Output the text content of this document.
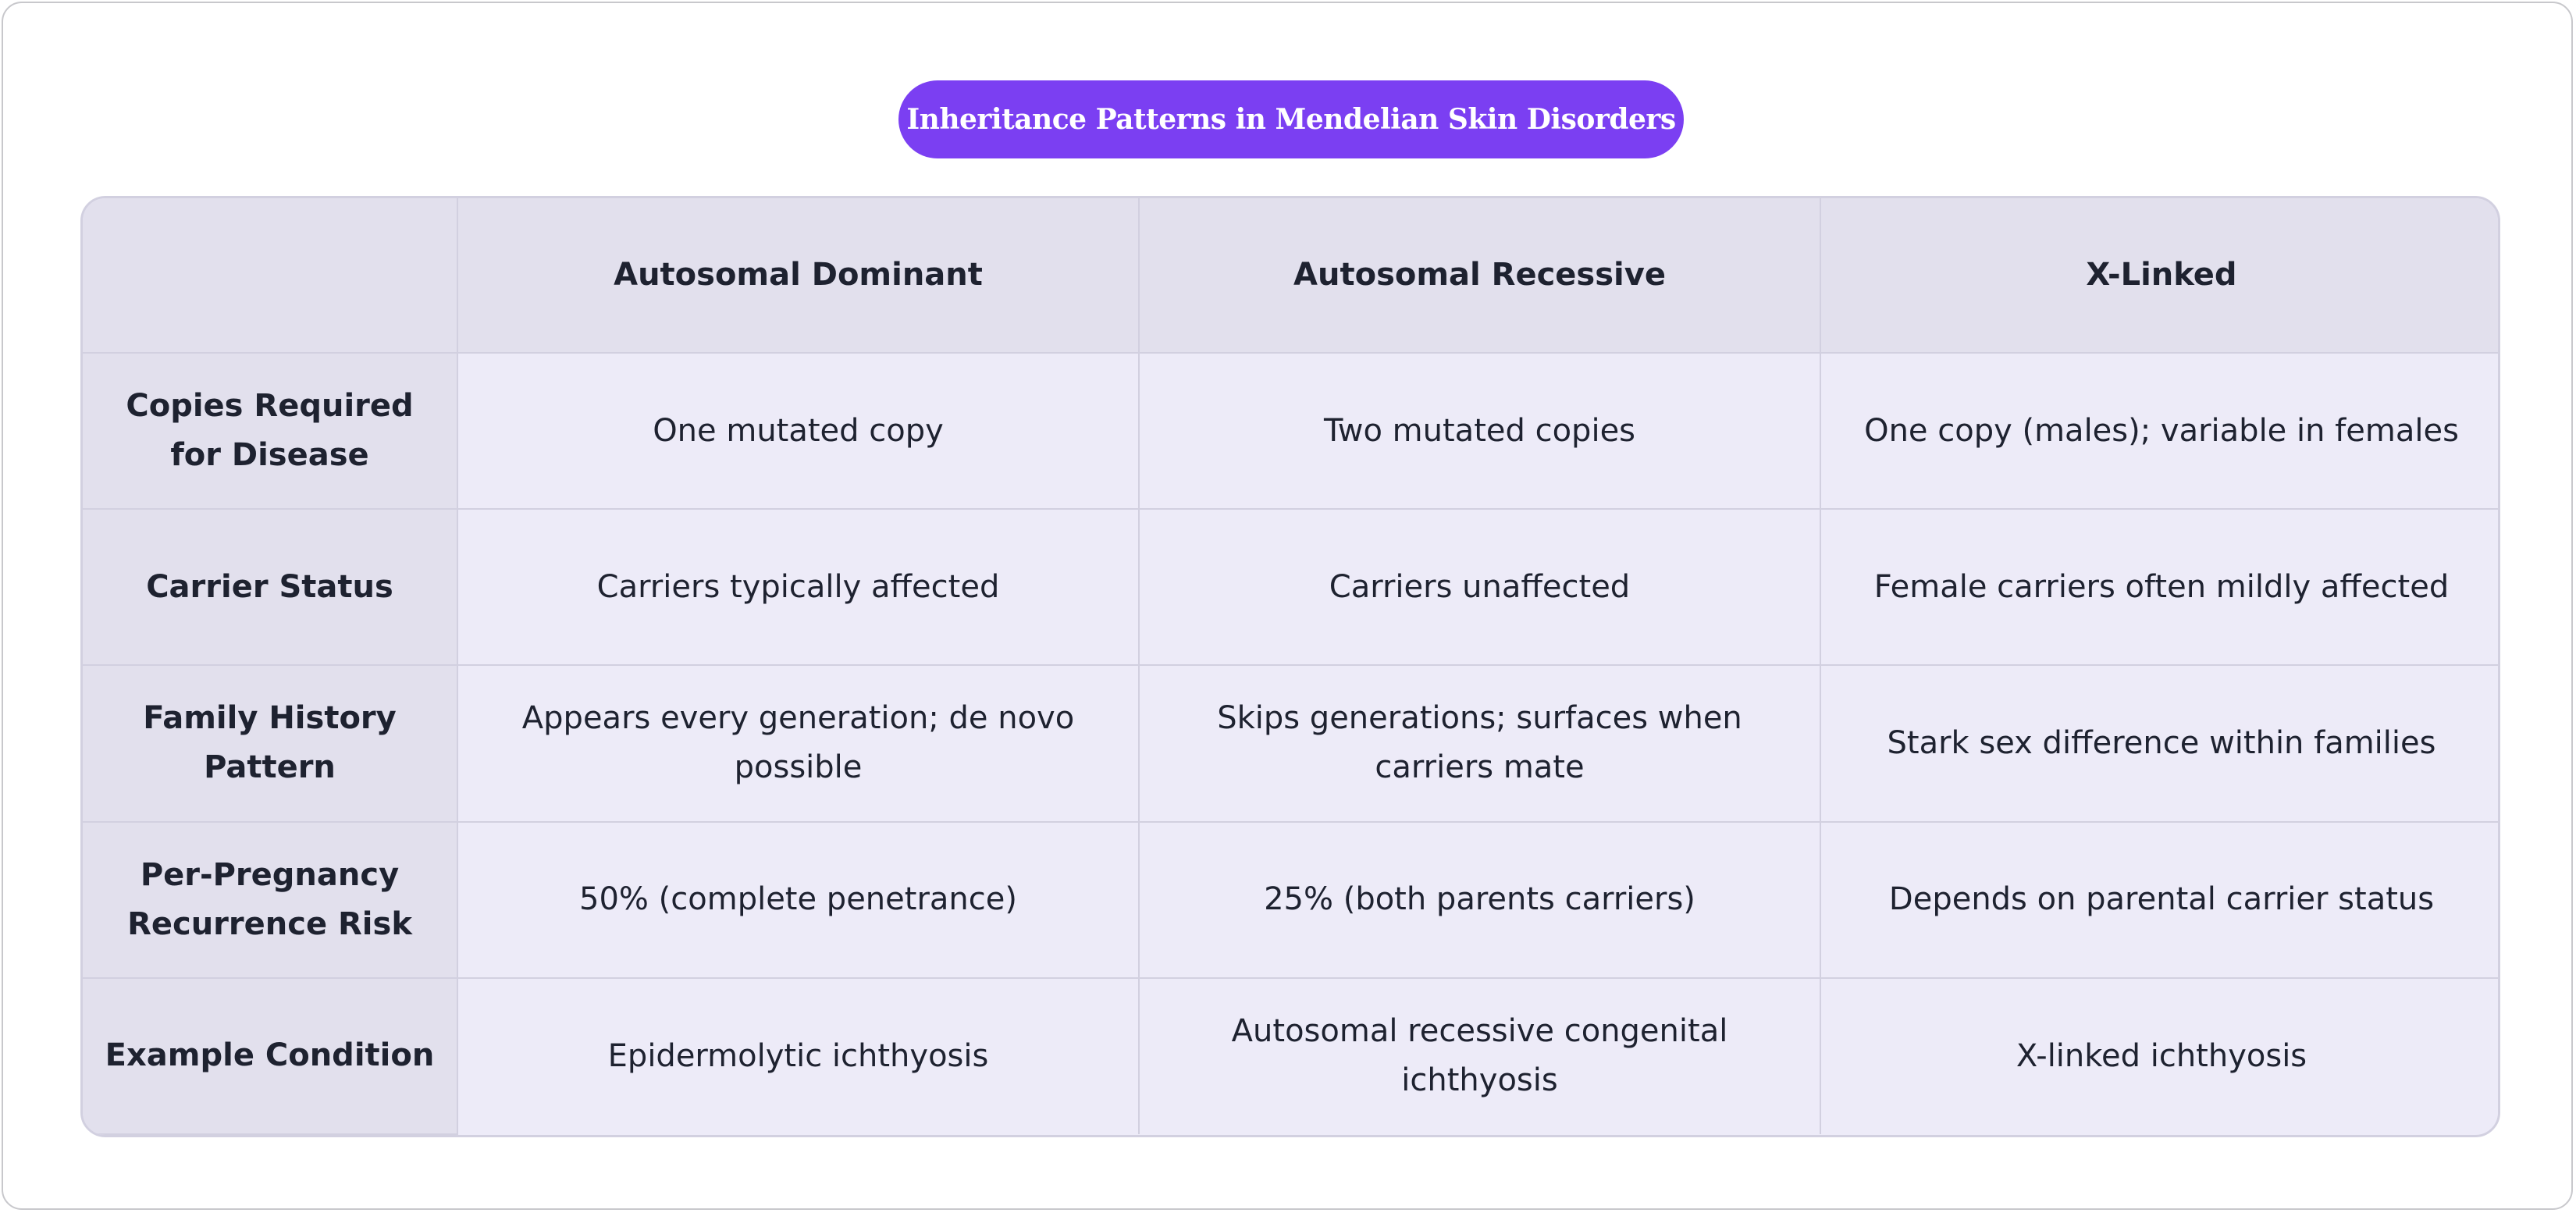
Inheritance Patterns in Mendelian Skin Disorders
	Autosomal Dominant	Autosomal Recessive	X-Linked
Copies Required for Disease	One mutated copy	Two mutated copies	One copy (males); variable in females
Carrier Status	Carriers typically affected	Carriers unaffected	Female carriers often mildly affected
Family History Pattern	Appears every generation; de novo possible	Skips generations; surfaces when carriers mate	Stark sex difference within families
Per-Pregnancy Recurrence Risk	50% (complete penetrance)	25% (both parents carriers)	Depends on parental carrier status
Example Condition	Epidermolytic ichthyosis	Autosomal recessive congenital ichthyosis	X-linked ichthyosis
